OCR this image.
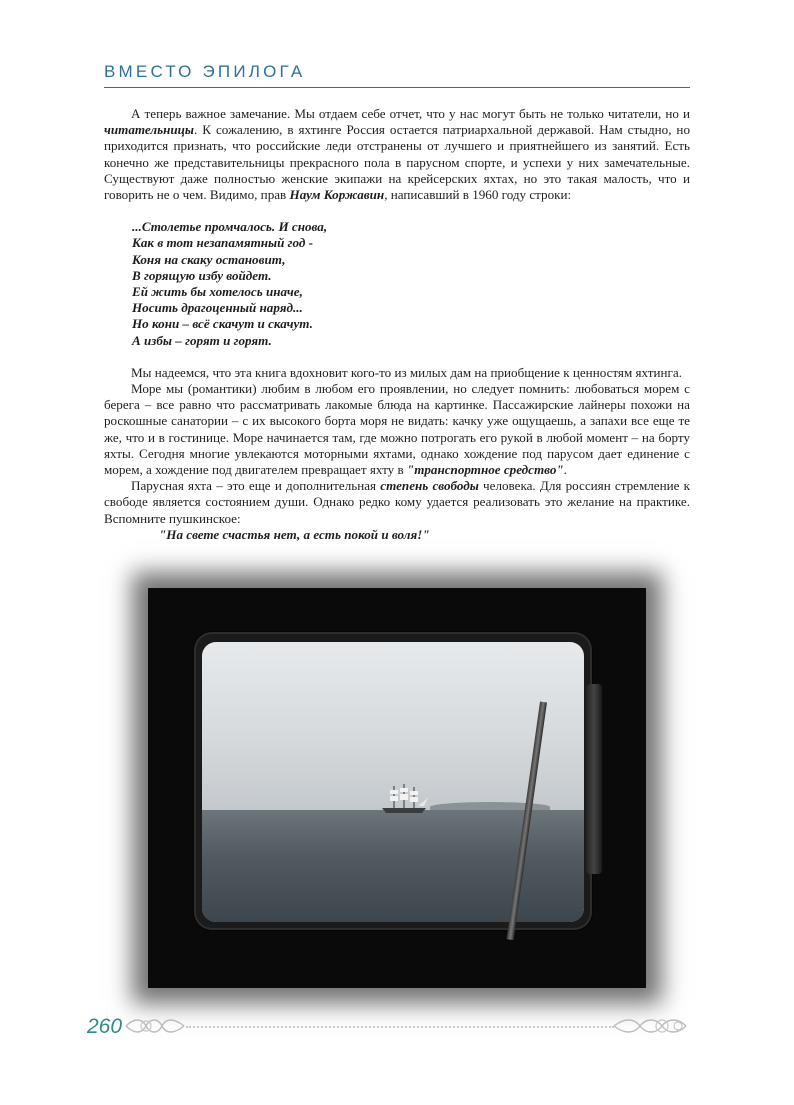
ВМЕСТО ЭПИЛОГА

А теперь важное замечание. Мы отдаем себе отчет, что у нас могут быть не только читатели, но и читательницы. К сожалению, в яхтинге Россия остается патриархальной державой. Нам стыдно, но приходится признать, что российские леди отстранены от лучшего и приятнейшего из занятий. Есть конечно же представительницы прекрасного пола в парусном спорте, и успехи у них замечательные. Существуют даже полностью женские экипажи на крейсерских яхтах, но это такая малость, что и говорить не о чем. Видимо, прав Наум Коржавин, написавший в 1960 году строки:

...Столетье промчалось. И снова,
Как в тот незапамятный год -
Коня на скаку остановит,
В горящую избу войдет.
Ей жить бы хотелось иначе,
Носить драгоценный наряд...
Но кони – всё скачут и скачут.
А избы – горят и горят.

Мы надеемся, что эта книга вдохновит кого-то из милых дам на приобщение к ценностям яхтинга.

Море мы (романтики) любим в любом его проявлении, но следует помнить: любоваться морем с берега – все равно что рассматривать лакомые блюда на картинке. Пассажирские лайнеры похожи на роскошные санатории – с их высокого борта моря не видать: качку уже ощущаешь, а запахи все еще те же, что и в гостинице. Море начинается там, где можно потрогать его рукой в любой момент – на борту яхты. Сегодня многие увлекаются моторными яхтами, однако хождение под парусом дает единение с морем, а хождение под двигателем превращает яхту в "транспортное средство".

Парусная яхта – это еще и дополнительная степень свободы человека. Для россиян стремление к свободе является состоянием души. Однако редко кому удается реализовать это желание на практике. Вспомните пушкинское:

"На свете счастья нет, а есть покой и воля!"

260
